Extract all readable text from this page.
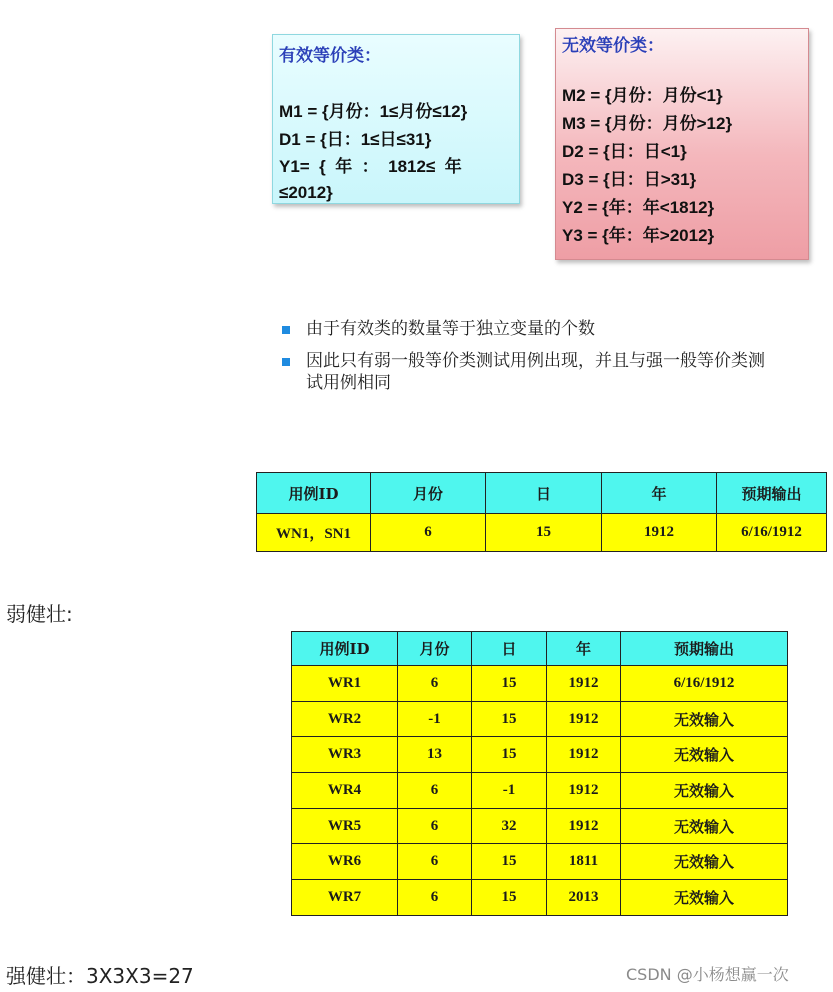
有效等价类：
M1 = {月份：1≤月份≤12}
D1 = {日：1≤日≤31}
Y1=  {  年  ：  1812≤  年
≤2012}
无效等价类：
M2 = {月份：月份<1}
M3 = {月份：月份>12}
D2 = {日：日<1}
D3 = {日：日>31}
Y2 = {年：年<1812}
Y3 = {年：年>2012}
由于有效类的数量等于独立变量的个数
因此只有弱一般等价类测试用例出现，并且与强一般等价类测试用例相同
用例ID	月份	日	年	预期输出
WN1，SN1	6	15	1912	6/16/1912
弱健壮:
用例ID	月份	日	年	预期输出
WR1	6	15	1912	6/16/1912
WR2	-1	15	1912	无效输入
WR3	13	15	1912	无效输入
WR4	6	-1	1912	无效输入
WR5	6	32	1912	无效输入
WR6	6	15	1811	无效输入
WR7	6	15	2013	无效输入
强健壮：3X3X3=27	CSDN @小杨想赢一次
